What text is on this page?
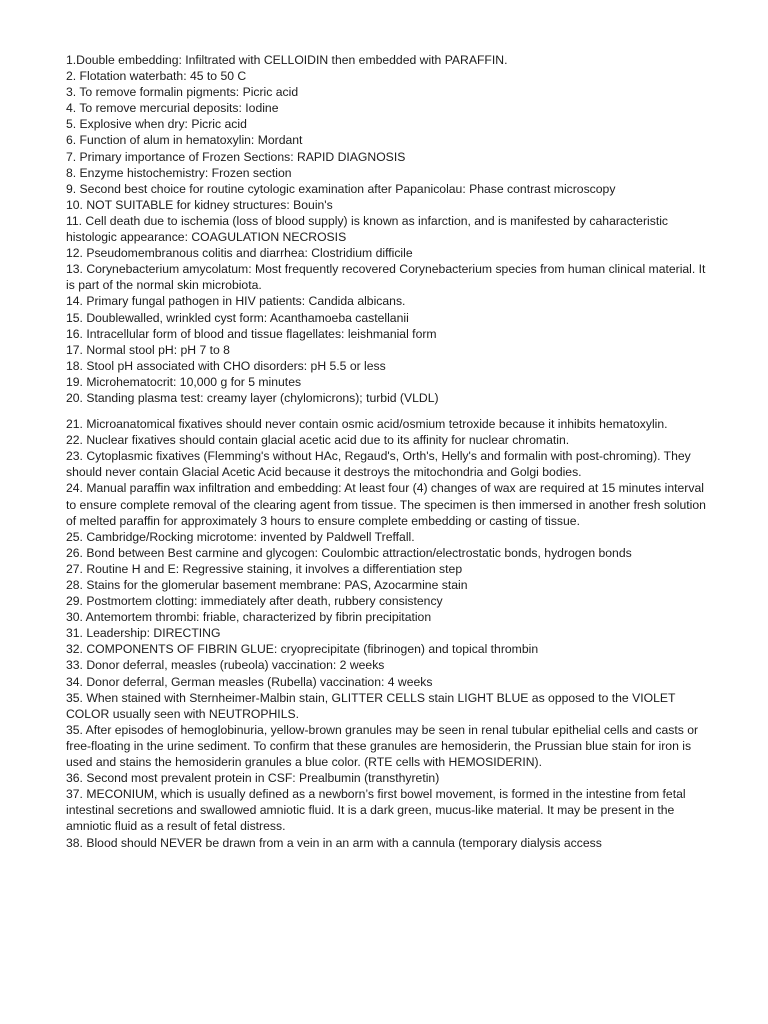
1.Double embedding: Infiltrated with CELLOIDIN then embedded with PARAFFIN.

2. Flotation waterbath: 45 to 50 C

3. To remove formalin pigments: Picric acid

4. To remove mercurial deposits: Iodine

5. Explosive when dry: Picric acid

6. Function of alum in hematoxylin: Mordant

7. Primary importance of Frozen Sections: RAPID DIAGNOSIS

8. Enzyme histochemistry: Frozen section

9. Second best choice for routine cytologic examination after Papanicolau: Phase contrast microscopy

10. NOT SUITABLE for kidney structures: Bouin's

11. Cell death due to ischemia (loss of blood supply) is known as infarction, and is manifested by caharacteristic histologic appearance: COAGULATION NECROSIS

12. Pseudomembranous colitis and diarrhea: Clostridium difficile

13. Corynebacterium amycolatum: Most frequently recovered Corynebacterium species from human clinical material. It is part of the normal skin microbiota.

14. Primary fungal pathogen in HIV patients: Candida albicans.

15. Doublewalled, wrinkled cyst form: Acanthamoeba castellanii

16. Intracellular form of blood and tissue flagellates: leishmanial form

17. Normal stool pH: pH 7 to 8

18. Stool pH associated with CHO disorders: pH 5.5 or less

19. Microhematocrit: 10,000 g for 5 minutes

20. Standing plasma test: creamy layer (chylomicrons); turbid (VLDL)

21. Microanatomical fixatives should never contain osmic acid/osmium tetroxide because it inhibits hematoxylin.

22. Nuclear fixatives should contain glacial acetic acid due to its affinity for nuclear chromatin.

23. Cytoplasmic fixatives (Flemming's without HAc, Regaud's, Orth's, Helly's and formalin with post-chroming). They should never contain Glacial Acetic Acid because it destroys the mitochondria and Golgi bodies.

24. Manual paraffin wax infiltration and embedding: At least four (4) changes of wax are required at 15 minutes interval to ensure complete removal of the clearing agent from tissue. The specimen is then immersed in another fresh solution of melted paraffin for approximately 3 hours to ensure complete embedding or casting of tissue.

25. Cambridge/Rocking microtome: invented by Paldwell Treffall.

26. Bond between Best carmine and glycogen: Coulombic attraction/electrostatic bonds, hydrogen bonds

27. Routine H and E: Regressive staining, it involves a differentiation step

28. Stains for the glomerular basement membrane: PAS, Azocarmine stain

29. Postmortem clotting: immediately after death, rubbery consistency

30. Antemortem thrombi: friable, characterized by fibrin precipitation

31. Leadership: DIRECTING

32. COMPONENTS OF FIBRIN GLUE: cryoprecipitate (fibrinogen) and topical thrombin

33. Donor deferral, measles (rubeola) vaccination: 2 weeks

34. Donor deferral, German measles (Rubella) vaccination: 4 weeks

35. When stained with Sternheimer-Malbin stain, GLITTER CELLS stain LIGHT BLUE as opposed to the VIOLET COLOR usually seen with NEUTROPHILS.

35. After episodes of hemoglobinuria, yellow-brown granules may be seen in renal tubular epithelial cells and casts or free-floating in the urine sediment. To confirm that these granules are hemosiderin, the Prussian blue stain for iron is used and stains the hemosiderin granules a blue color. (RTE cells with HEMOSIDERIN).

36. Second most prevalent protein in CSF: Prealbumin (transthyretin)

37. MECONIUM, which is usually defined as a newborn’s first bowel movement, is formed in the intestine from fetal intestinal secretions and swallowed amniotic fluid. It is a dark green, mucus-like material. It may be present in the amniotic fluid as a result of fetal distress.

38. Blood should NEVER be drawn from a vein in an arm with a cannula (temporary dialysis access
